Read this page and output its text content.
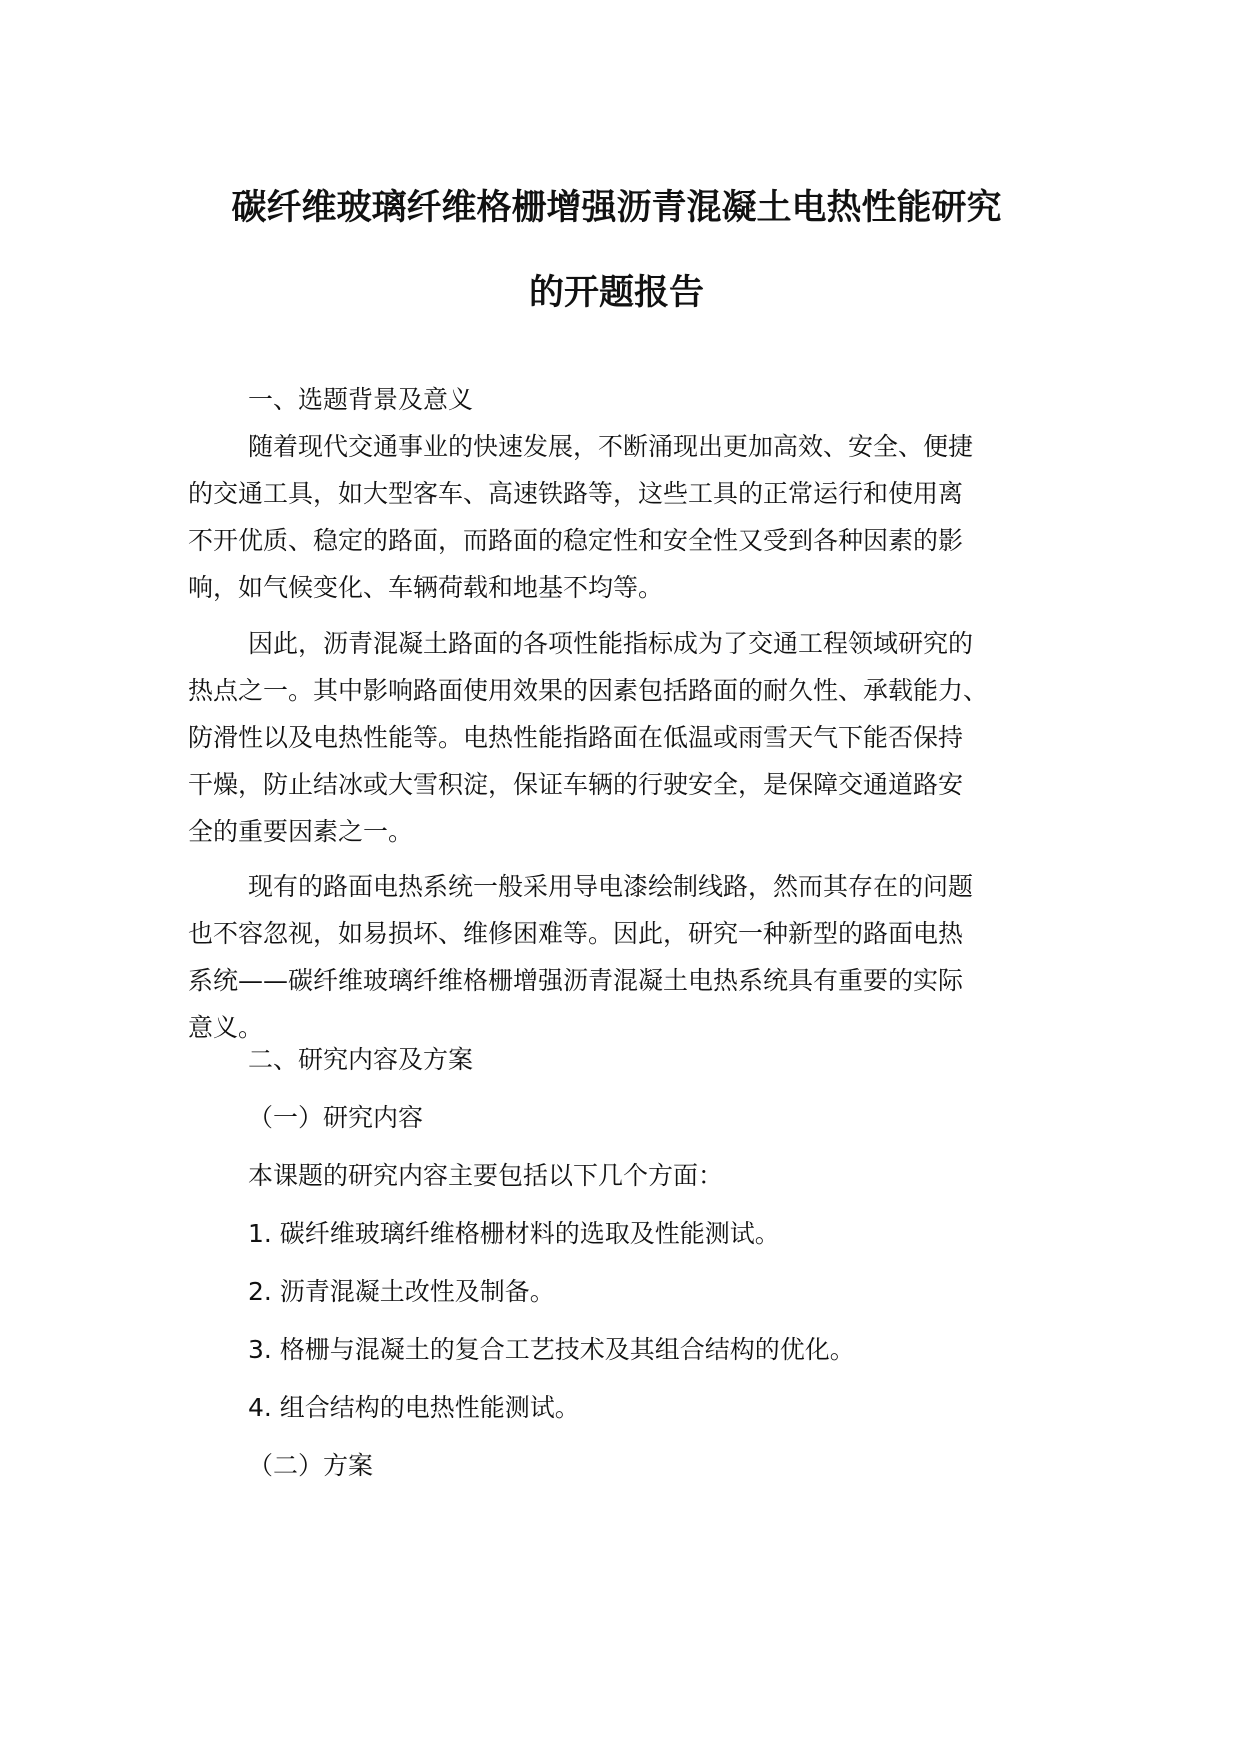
碳纤维玻璃纤维格栅增强沥青混凝土电热性能研究
的开题报告
一、选题背景及意义
随着现代交通事业的快速发展，不断涌现出更加高效、安全、便捷
的交通工具，如大型客车、高速铁路等，这些工具的正常运行和使用离
不开优质、稳定的路面，而路面的稳定性和安全性又受到各种因素的影
响，如气候变化、车辆荷载和地基不均等。
因此，沥青混凝土路面的各项性能指标成为了交通工程领域研究的
热点之一。其中影响路面使用效果的因素包括路面的耐久性、承载能力、
防滑性以及电热性能等。电热性能指路面在低温或雨雪天气下能否保持
干燥，防止结冰或大雪积淀，保证车辆的行驶安全，是保障交通道路安
全的重要因素之一。
现有的路面电热系统一般采用导电漆绘制线路，然而其存在的问题
也不容忽视，如易损坏、维修困难等。因此，研究一种新型的路面电热
系统——碳纤维玻璃纤维格栅增强沥青混凝土电热系统具有重要的实际
意义。
二、研究内容及方案
（一）研究内容
本课题的研究内容主要包括以下几个方面：
1. 碳纤维玻璃纤维格栅材料的选取及性能测试。
2. 沥青混凝土改性及制备。
3. 格栅与混凝土的复合工艺技术及其组合结构的优化。
4. 组合结构的电热性能测试。
（二）方案
